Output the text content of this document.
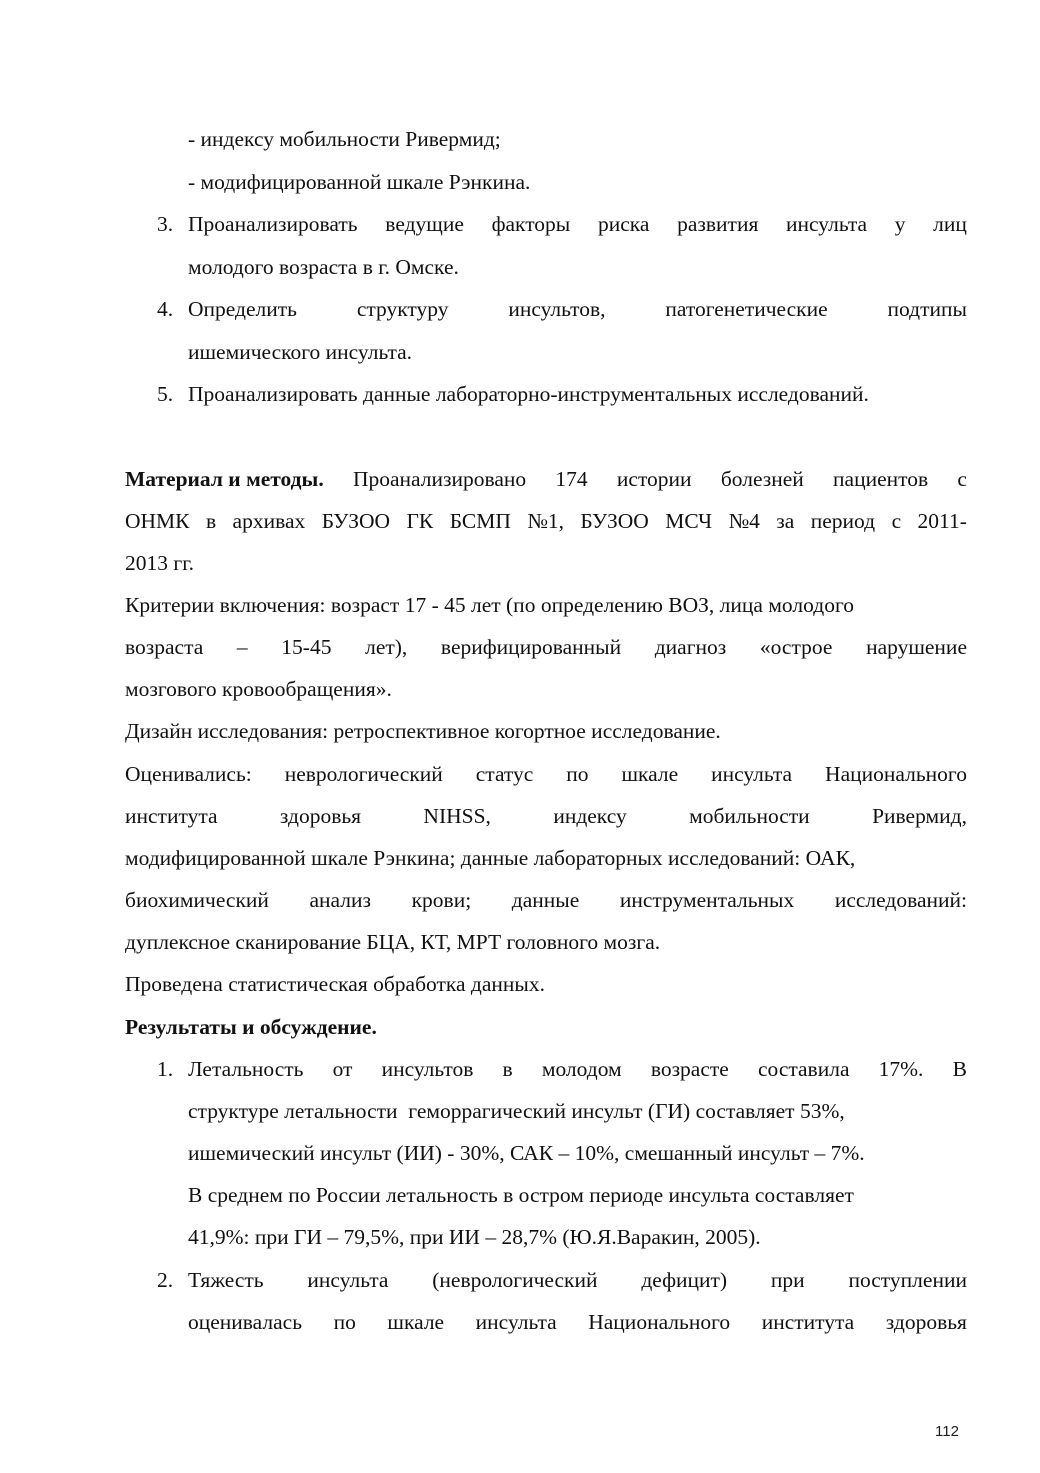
- индексу мобильности Ривермид;
- модифицированной шкале Рэнкина.
3. Проанализировать ведущие факторы риска развития инсульта у лиц
молодого возраста в г. Омске.
4. Определить	структуру	инсультов,	патогенетические	подтипы
ишемического инсульта.
5. Проанализировать данные лабораторно-инструментальных исследований.
Материал и методы. Проанализировано 174 истории болезней пациентов с
ОНМК в архивах БУЗОО ГК БСМП №1, БУЗОО МСЧ №4 за период с 2011-
2013 гг.
Критерии включения: возраст 17 - 45 лет (по определению ВОЗ, лица молодого
возраста – 15-45 лет), верифицированный диагноз «острое нарушение
мозгового кровообращения».
Дизайн исследования: ретроспективное когортное исследование.
Оценивались: неврологический статус по шкале инсульта Национального
института	здоровья	NIHSS,	индексу	мобильности	Ривермид,
модифицированной шкале Рэнкина; данные лабораторных исследований: ОАК,
биохимический анализ крови; данные инструментальных исследований:
дуплексное сканирование БЦА, КТ, МРТ головного мозга.
Проведена статистическая обработка данных.
Результаты и обсуждение.
1. Летальность от инсультов в молодом возрасте составила 17%. В
структуре летальности  геморрагический инсульт (ГИ) составляет 53%,
ишемический инсульт (ИИ) - 30%, САК – 10%, смешанный инсульт – 7%.
В среднем по России летальность в остром периоде инсульта составляет
41,9%: при ГИ – 79,5%, при ИИ – 28,7% (Ю.Я.Варакин, 2005).
2. Тяжесть инсульта (неврологический дефицит) при поступлении
оценивалась по шкале инсульта Национального института здоровья
112
